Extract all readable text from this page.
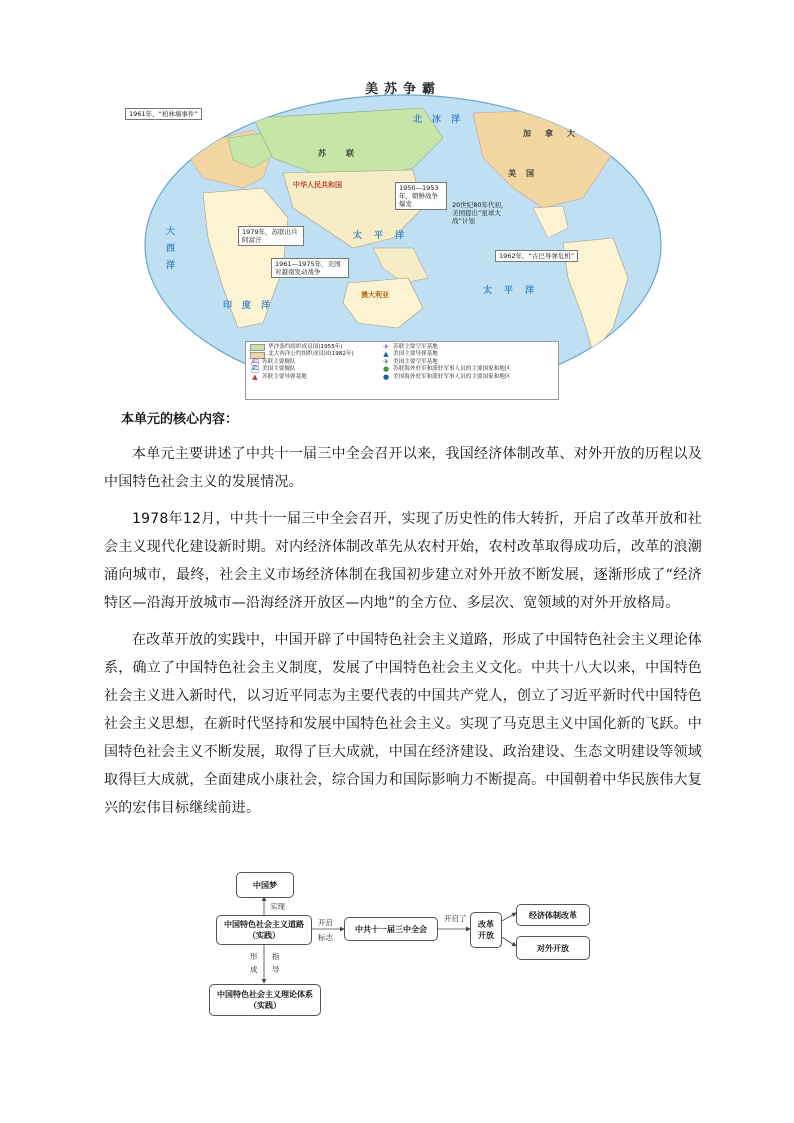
美苏争霸
1961年，“柏林墙事件”
1979年，苏联出兵阿富汗
1961—1975年，美国对越南发动战争
1950—1953年，朝鲜战争爆发	20世纪80年代初，美国提出“星球大战”计划
1962年，“古巴导弹危机”
中华人民共和国
澳大利亚
印度洋
北冰洋
太平洋
太平洋
大西洋
苏联
美国
加拿大
华沙条约组织成员国(1955年)
北大西洋公约组织成员国(1982年)
⛴ 苏联主要舰队
⛴ 美国主要舰队
▲ 苏联主要导弹基地
✈ 苏联主要空军基地
▲ 美国主要导弹基地
✈ 美国主要空军基地
● 苏联海外驻军和派驻军事人员的主要国家和地区
● 美国海外驻军和派驻军事人员的主要国家和地区
本单元的核心内容：
本单元主要讲述了中共十一届三中全会召开以来，我国经济体制改革、对外开放的历程以及中国特色社会主义的发展情况。
1978年12月，中共十一届三中全会召开，实现了历史性的伟大转折，开启了改革开放和社会主义现代化建设新时期。对内经济体制改革先从农村开始，农村改革取得成功后，改革的浪潮涌向城市，最终，社会主义市场经济体制在我国初步建立对外开放不断发展，逐渐形成了“经济特区—沿海开放城市—沿海经济开放区—内地”的全方位、多层次、宽领域的对外开放格局。
在改革开放的实践中，中国开辟了中国特色社会主义道路，形成了中国特色社会主义理论体系，确立了中国特色社会主义制度，发展了中国特色社会主义文化。中共十八大以来，中国特色社会主义进入新时代，以习近平同志为主要代表的中国共产党人，创立了习近平新时代中国特色社会主义思想，在新时代坚持和发展中国特色社会主义。实现了马克思主义中国化新的飞跃。中国特色社会主义不断发展，取得了巨大成就，中国在经济建设、政治建设、生态文明建设等领域取得巨大成就，全面建成小康社会，综合国力和国际影响力不断提高。中国朝着中华民族伟大复兴的宏伟目标继续前进。
中国梦
实现
中国特色社会主义道路
（实践）
开启
标志
中共十一届三中全会
开启了
改革
开放
经济体制改革
对外开放
形
成
指
导
中国特色社会主义理论体系
（实践）
